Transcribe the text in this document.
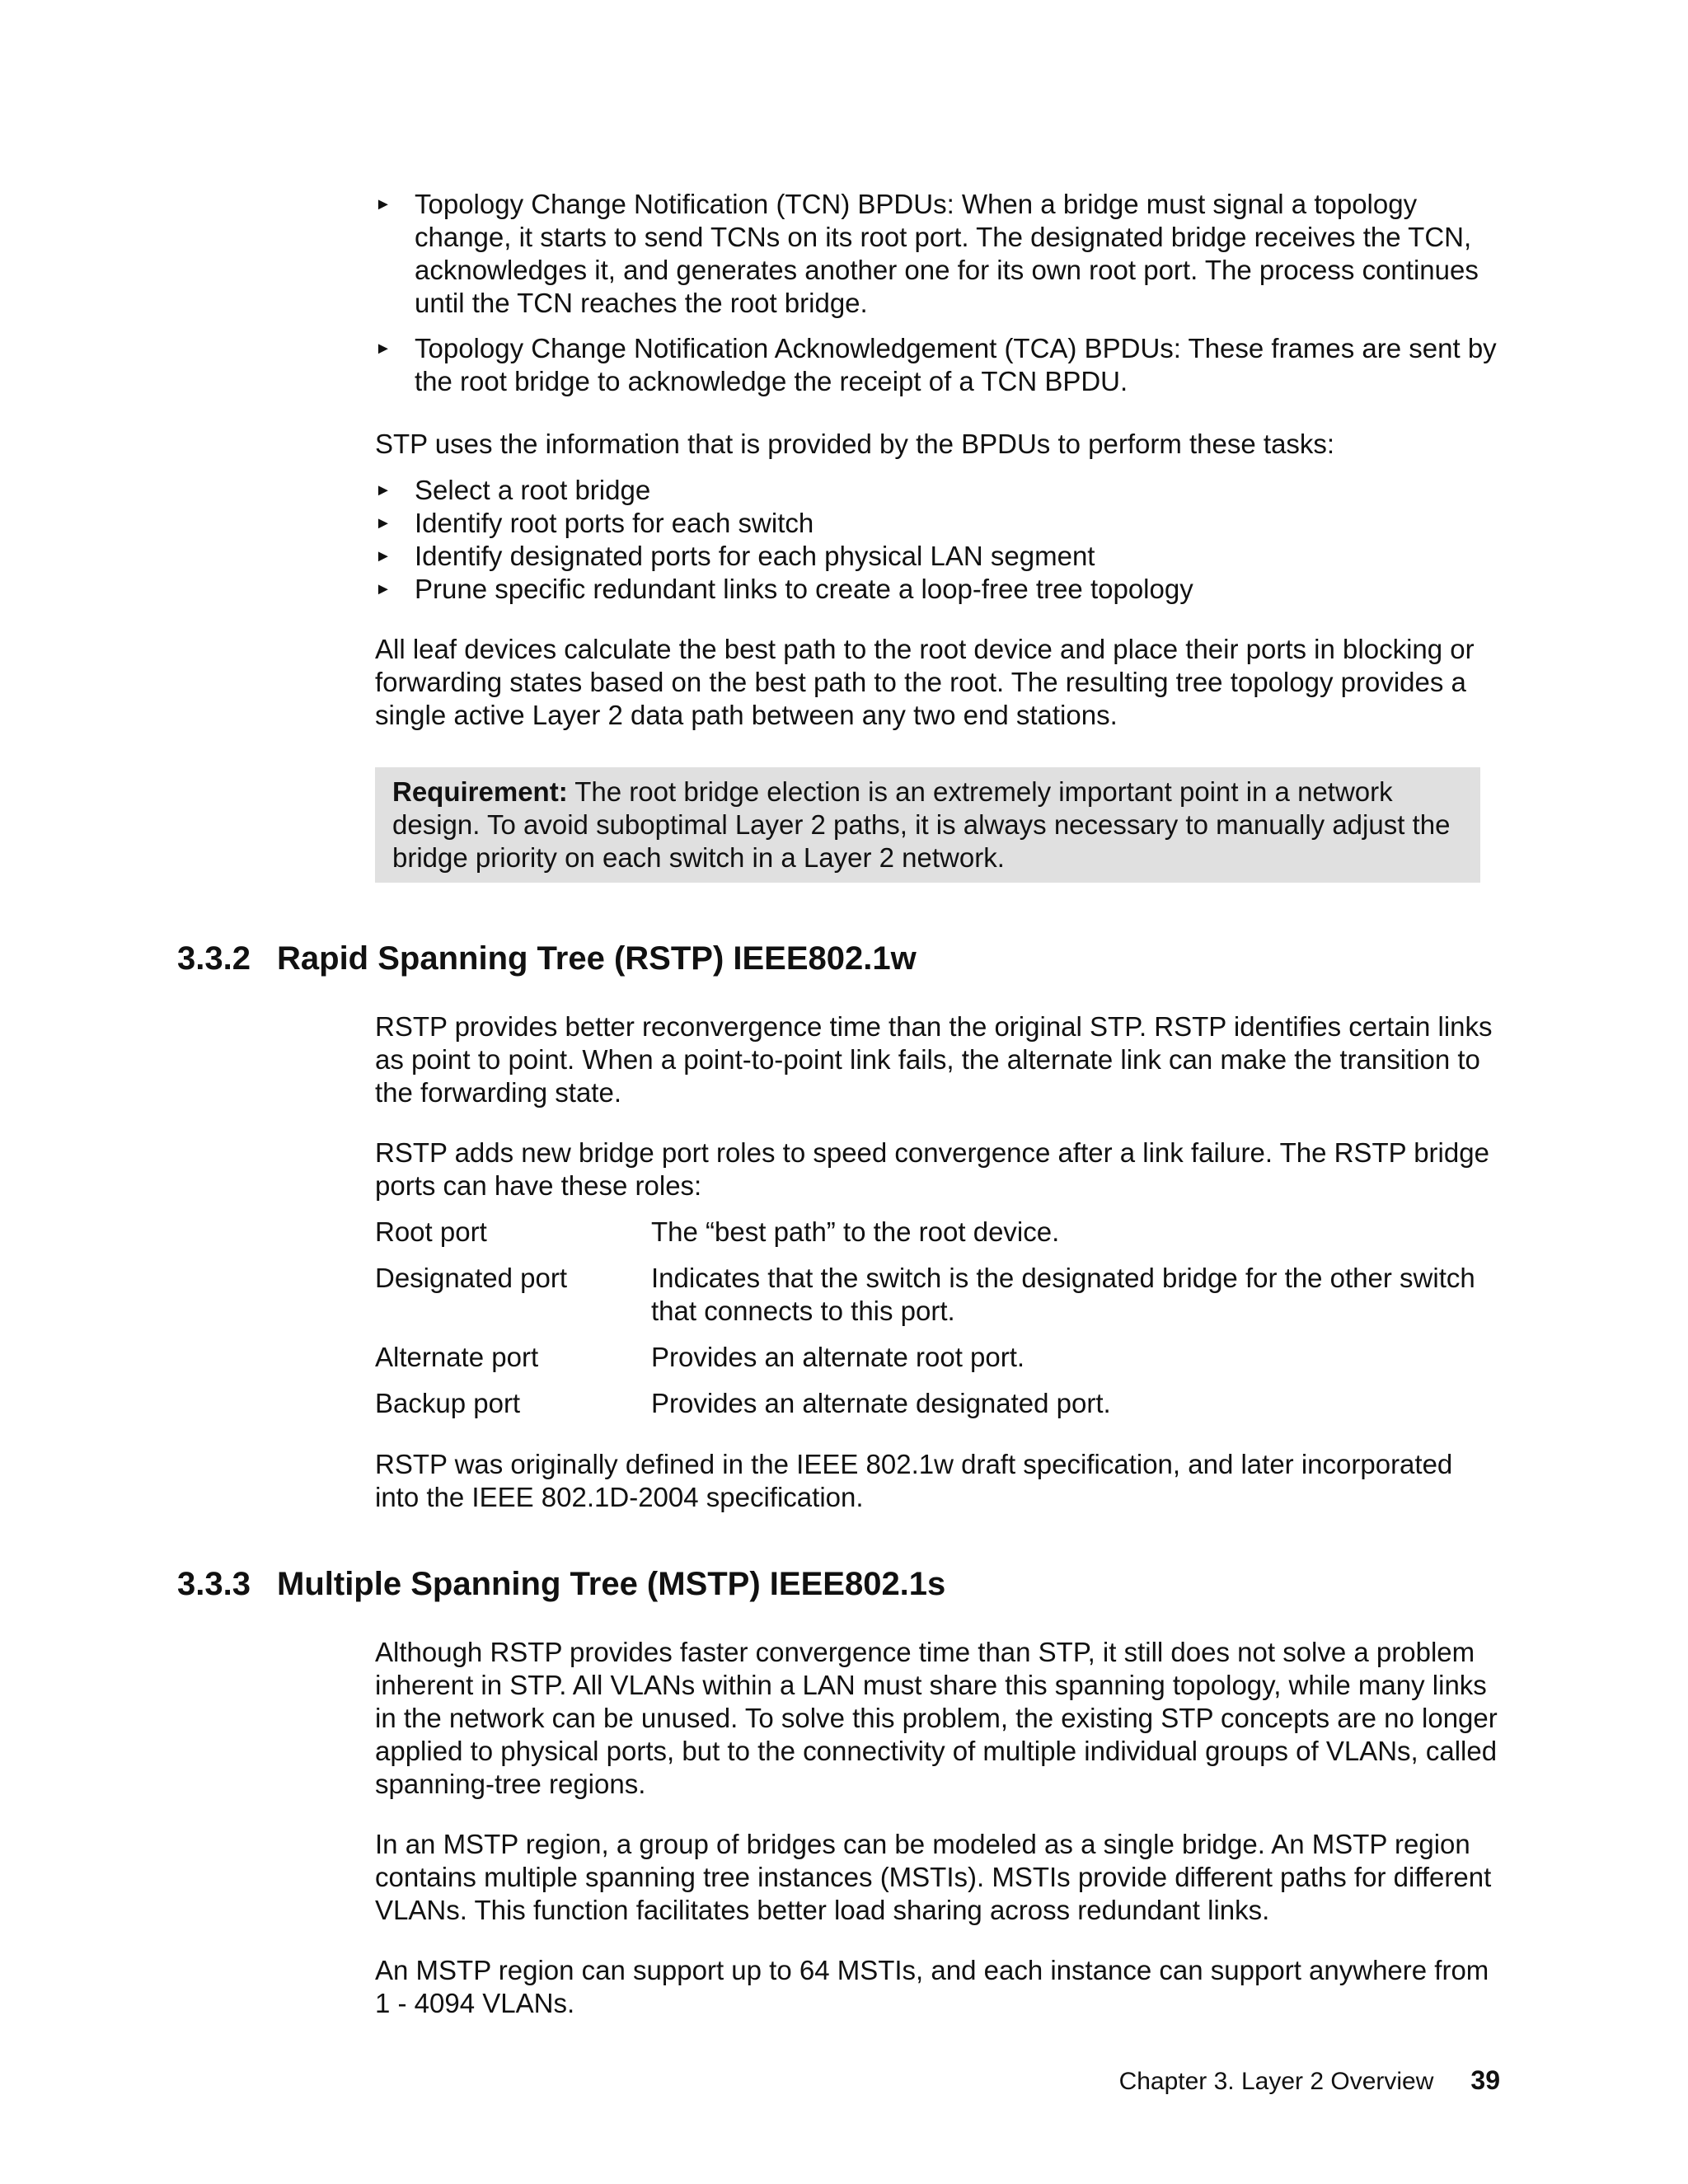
► Topology Change Notification (TCN) BPDUs: When a bridge must signal a topology change, it starts to send TCNs on its root port. The designated bridge receives the TCN, acknowledges it, and generates another one for its own root port. The process continues until the TCN reaches the root bridge.
► Topology Change Notification Acknowledgement (TCA) BPDUs: These frames are sent by the root bridge to acknowledge the receipt of a TCN BPDU.

STP uses the information that is provided by the BPDUs to perform these tasks:

► Select a root bridge
► Identify root ports for each switch
► Identify designated ports for each physical LAN segment
► Prune specific redundant links to create a loop-free tree topology

All leaf devices calculate the best path to the root device and place their ports in blocking or forwarding states based on the best path to the root. The resulting tree topology provides a single active Layer 2 data path between any two end stations.

Requirement: The root bridge election is an extremely important point in a network design. To avoid suboptimal Layer 2 paths, it is always necessary to manually adjust the bridge priority on each switch in a Layer 2 network.
3.3.2 Rapid Spanning Tree (RSTP) IEEE802.1w

RSTP provides better reconvergence time than the original STP. RSTP identifies certain links as point to point. When a point-to-point link fails, the alternate link can make the transition to the forwarding state.

RSTP adds new bridge port roles to speed convergence after a link failure. The RSTP bridge ports can have these roles:

Root port	The “best path” to the root device.
Designated port	Indicates that the switch is the designated bridge for the other switch that connects to this port.
Alternate port	Provides an alternate root port.
Backup port	Provides an alternate designated port.

RSTP was originally defined in the IEEE 802.1w draft specification, and later incorporated into the IEEE 802.1D-2004 specification.

3.3.3 Multiple Spanning Tree (MSTP) IEEE802.1s

Although RSTP provides faster convergence time than STP, it still does not solve a problem inherent in STP. All VLANs within a LAN must share this spanning topology, while many links in the network can be unused. To solve this problem, the existing STP concepts are no longer applied to physical ports, but to the connectivity of multiple individual groups of VLANs, called spanning-tree regions.

In an MSTP region, a group of bridges can be modeled as a single bridge. An MSTP region contains multiple spanning tree instances (MSTIs). MSTIs provide different paths for different VLANs. This function facilitates better load sharing across redundant links.

An MSTP region can support up to 64 MSTIs, and each instance can support anywhere from 1 - 4094 VLANs.

Chapter 3. Layer 2 Overview 39
